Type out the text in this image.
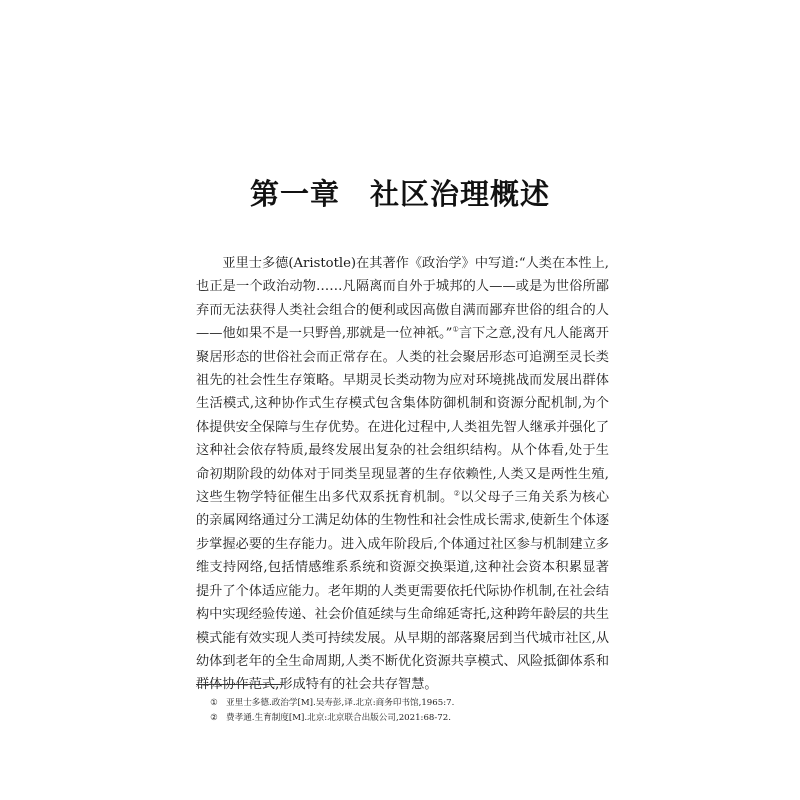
第一章 社区治理概述

亚里士多德(Aristotle)在其著作《政治学》中写道:“人类在本性上,也正是一个政治动物……凡隔离而自外于城邦的人——或是为世俗所鄙弃而无法获得人类社会组合的便利或因高傲自满而鄙弃世俗的组合的人——他如果不是一只野兽,那就是一位神祇。”①言下之意,没有凡人能离开聚居形态的世俗社会而正常存在。人类的社会聚居形态可追溯至灵长类祖先的社会性生存策略。早期灵长类动物为应对环境挑战而发展出群体生活模式,这种协作式生存模式包含集体防御机制和资源分配机制,为个体提供安全保障与生存优势。在进化过程中,人类祖先智人继承并强化了这种社会依存特质,最终发展出复杂的社会组织结构。从个体看,处于生命初期阶段的幼体对于同类呈现显著的生存依赖性,人类又是两性生殖,这些生物学特征催生出多代双系抚育机制。②以父母子三角关系为核心的亲属网络通过分工满足幼体的生物性和社会性成长需求,使新生个体逐步掌握必要的生存能力。进入成年阶段后,个体通过社区参与机制建立多维支持网络,包括情感维系系统和资源交换渠道,这种社会资本积累显著提升了个体适应能力。老年期的人类更需要依托代际协作机制,在社会结构中实现经验传递、社会价值延续与生命绵延寄托,这种跨年龄层的共生模式能有效实现人类可持续发展。从早期的部落聚居到当代城市社区,从幼体到老年的全生命周期,人类不断优化资源共享模式、风险抵御体系和群体协作范式,形成特有的社会共存智慧。

① 亚里士多德.政治学[M].吴寿彭,译.北京:商务印书馆,1965:7.
② 费孝通.生育制度[M].北京:北京联合出版公司,2021:68-72.
